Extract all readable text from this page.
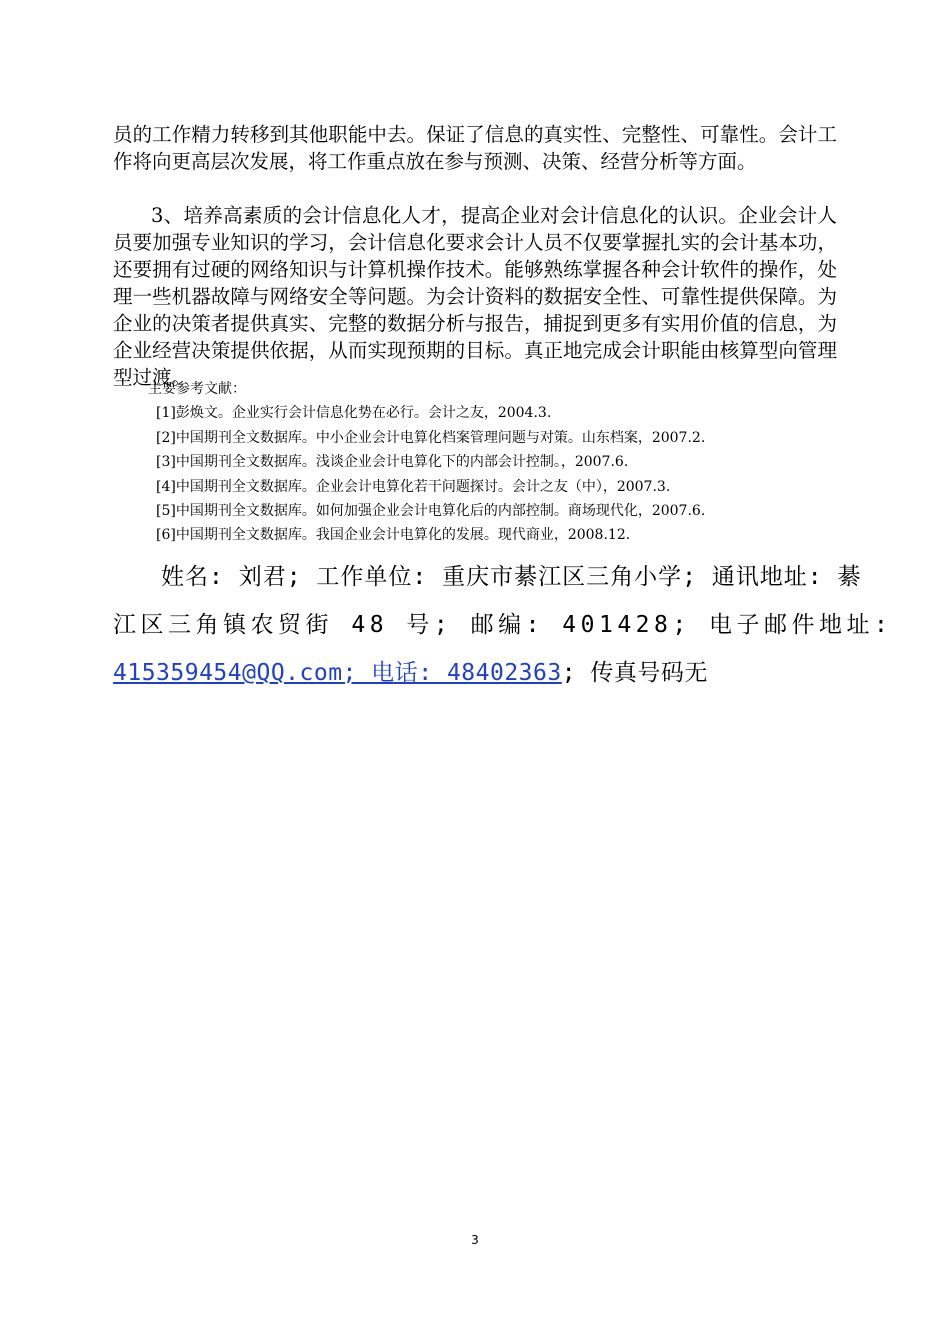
员的工作精力转移到其他职能中去。保证了信息的真实性、完整性、可靠性。会计工作将向更高层次发展，将工作重点放在参与预测、决策、经营分析等方面。
3、培养高素质的会计信息化人才，提高企业对会计信息化的认识。企业会计人员要加强专业知识的学习，会计信息化要求会计人员不仅要掌握扎实的会计基本功，还要拥有过硬的网络知识与计算机操作技术。能够熟练掌握各种会计软件的操作，处理一些机器故障与网络安全等问题。为会计资料的数据安全性、可靠性提供保障。为企业的决策者提供真实、完整的数据分析与报告，捕捉到更多有实用价值的信息，为企业经营决策提供依据，从而实现预期的目标。真正地完成会计职能由核算型向管理型过渡。
主要参考文献：
[1]彭焕文。企业实行会计信息化势在必行。会计之友，2004.3.
[2]中国期刊全文数据库。中小企业会计电算化档案管理问题与对策。山东档案，2007.2.
[3]中国期刊全文数据库。浅谈企业会计电算化下的内部会计控制。，2007.6.
[4]中国期刊全文数据库。企业会计电算化若干问题探讨。会计之友（中），2007.3.
[5]中国期刊全文数据库。如何加强企业会计电算化后的内部控制。商场现代化，2007.6.
[6]中国期刊全文数据库。我国企业会计电算化的发展。现代商业，2008.12.
姓名: 刘君; 工作单位: 重庆市綦江区三角小学; 通讯地址: 綦
江区三角镇农贸街 48 号; 邮编: 401428; 电子邮件地址:
41535945​4@QQ.com; 电话: 48402363; 传真号码无
3
